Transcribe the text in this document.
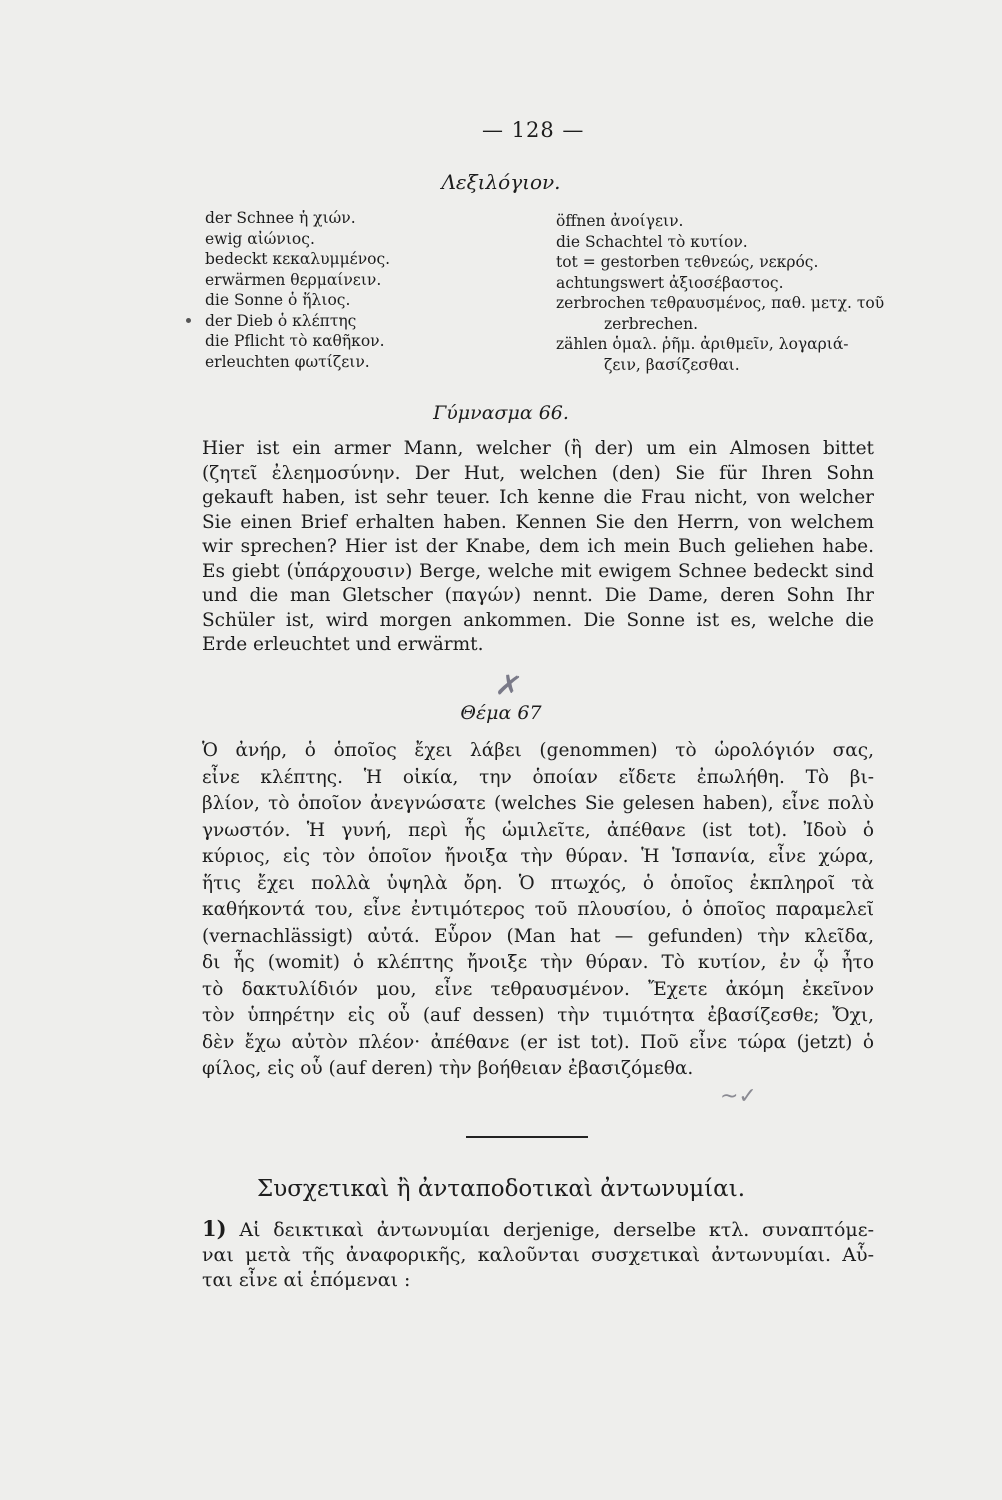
— 128 —
Λεξιλόγιον.
der Schnee ἡ χιών.
ewig αἰώνιος.
bedeckt κεκαλυμμένος.
erwärmen θερμαίνειν.
die Sonne ὁ ἥλιος.
der Dieb ὁ κλέπτης
die Pflicht τὸ καθῆκον.
erleuchten φωτίζειν.
öffnen ἀνοίγειν.
die Schachtel τὸ κυτίον.
tot = gestorben τεθνεώς, νεκρός.
achtungswert ἀξιοσέβαστος.
zerbrochen τεθραυσμένος, παθ. μετχ. τοῦ
zerbrechen.
zählen ὁμαλ. ῥῆμ. ἀριθμεῖν, λογαριά-
ζειν, βασίζεσθαι.
Γύμνασμα 66.
Hier ist ein armer Mann, welcher (ἢ der) um ein Almosen bittet
(ζητεῖ ἐλεημοσύνην. Der Hut, welchen (den) Sie für Ihren Sohn
gekauft haben, ist sehr teuer. Ich kenne die Frau nicht, von welcher
Sie einen Brief erhalten haben. Kennen Sie den Herrn, von welchem
wir sprechen? Hier ist der Knabe, dem ich mein Buch geliehen habe.
Es giebt (ὑπάρχουσιν) Berge, welche mit ewigem Schnee bedeckt sind
und die man Gletscher (παγών) nennt. Die Dame, deren Sohn Ihr
Schüler ist, wird morgen ankommen. Die Sonne ist es, welche die
Erde erleuchtet und erwärmt.
✗
Θέμα 67
Ὁ ἀνήρ, ὁ ὁποῖος ἔχει λάβει (genommen) τὸ ὡρολόγιόν σας,
εἶνε κλέπτης. Ἡ οἰκία, την ὁποίαν εἴδετε ἐπωλήθη. Τὸ βι-
βλίον, τὸ ὁποῖον ἀνεγνώσατε (welches Sie gelesen haben), εἶνε πολὺ
γνωστόν. Ἡ γυνή, περὶ ἧς ὡμιλεῖτε, ἀπέθανε (ist tot). Ἰδοὺ ὁ
κύριος, εἰς τὸν ὁποῖον ἤνοιξα τὴν θύραν. Ἡ Ἱσπανία, εἶνε χώρα,
ἥτις ἔχει πολλὰ ὑψηλὰ ὄρη. Ὁ πτωχός, ὁ ὁποῖος ἐκπληροῖ τὰ
καθήκοντά του, εἶνε ἐντιμότερος τοῦ πλουσίου, ὁ ὁποῖος παραμελεῖ
(vernachlässigt) αὐτά. Εὗρον (Man hat — gefunden) τὴν κλεῖδα,
δι ἧς (womit) ὁ κλέπτης ἤνοιξε τὴν θύραν. Τὸ κυτίον, ἐν ᾧ ἦτο
τὸ δακτυλίδιόν μου, εἶνε τεθραυσμένον. Ἔχετε ἀκόμη ἐκεῖνον
τὸν ὑπηρέτην εἰς οὗ (auf dessen) τὴν τιμιότητα ἐβασίζεσθε; Ὄχι,
δὲν ἔχω αὐτὸν πλέον· ἀπέθανε (er ist tot). Ποῦ εἶνε τώρα (jetzt) ὁ
φίλος, εἰς οὗ (auf deren) τὴν βοήθειαν ἐβασιζόμεθα.
~✓
Συσχετικαὶ ἢ ἀνταποδοτικαὶ ἀντωνυμίαι.
1) Αἱ δεικτικαὶ ἀντωνυμίαι derjenige, derselbe κτλ. συναπτόμε-
ναι μετὰ τῆς ἀναφορικῆς, καλοῦνται συσχετικαὶ ἀντωνυμίαι. Αὗ-
ται εἶνε αἱ ἑπόμεναι :
